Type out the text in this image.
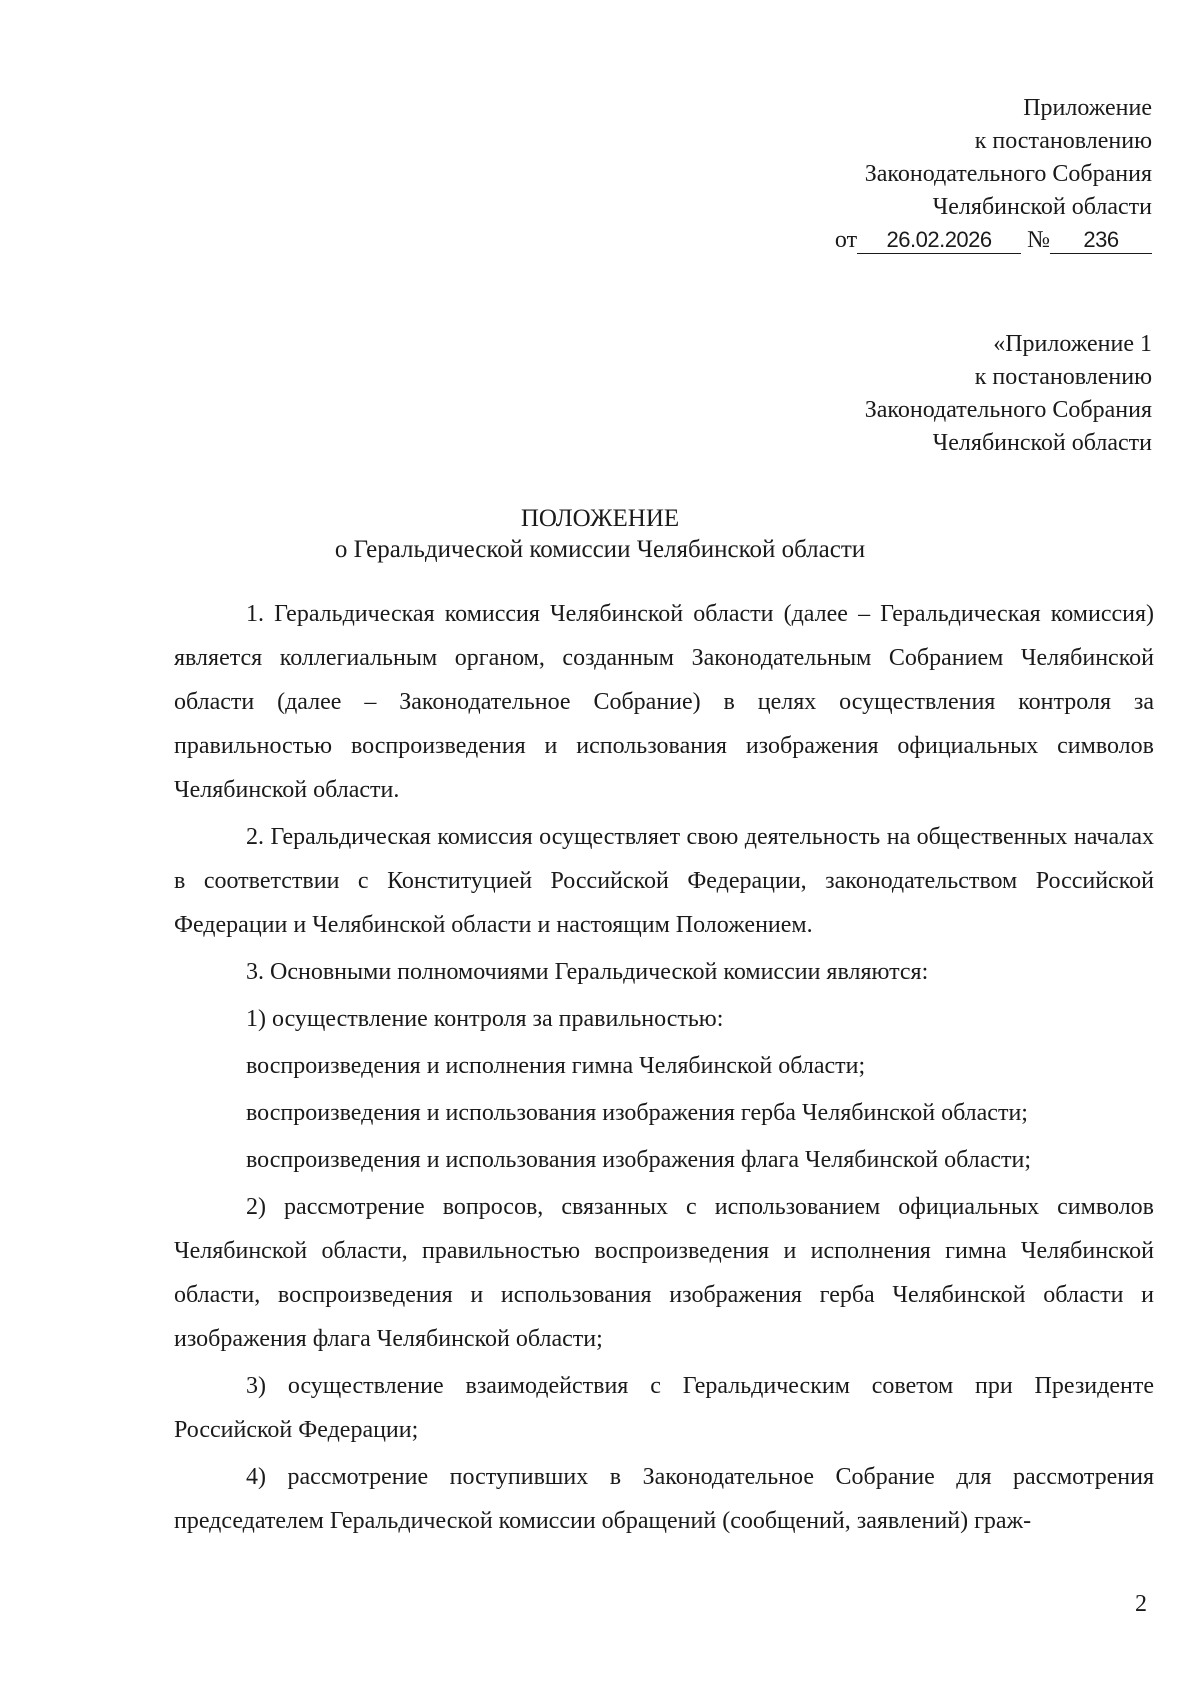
Приложение
к постановлению
Законодательного Собрания
Челябинской области
от 26.02.2026 № 236
«Приложение 1
к постановлению
Законодательного Собрания
Челябинской области
ПОЛОЖЕНИЕ
о Геральдической комиссии Челябинской области

1. Геральдическая комиссия Челябинской области (далее – Геральдическая комиссия) является коллегиальным органом, созданным Законодательным Собранием Челябинской области (далее – Законодательное Собрание) в целях осуществления контроля за правильностью воспроизведения и использования изображения официальных символов Челябинской области.

2. Геральдическая комиссия осуществляет свою деятельность на общественных началах в соответствии с Конституцией Российской Федерации, законодательством Российской Федерации и Челябинской области и настоящим Положением.

3. Основными полномочиями Геральдической комиссии являются:

1) осуществление контроля за правильностью:

воспроизведения и исполнения гимна Челябинской области;

воспроизведения и использования изображения герба Челябинской области;

воспроизведения и использования изображения флага Челябинской области;

2) рассмотрение вопросов, связанных с использованием официальных символов Челябинской области, правильностью воспроизведения и исполнения гимна Челябинской области, воспроизведения и использования изображения герба Челябинской области и изображения флага Челябинской области;

3) осуществление взаимодействия с Геральдическим советом при Президенте Российской Федерации;

4) рассмотрение поступивших в Законодательное Собрание для рассмотрения председателем Геральдической комиссии обращений (сообщений, заявлений) граж-

2
